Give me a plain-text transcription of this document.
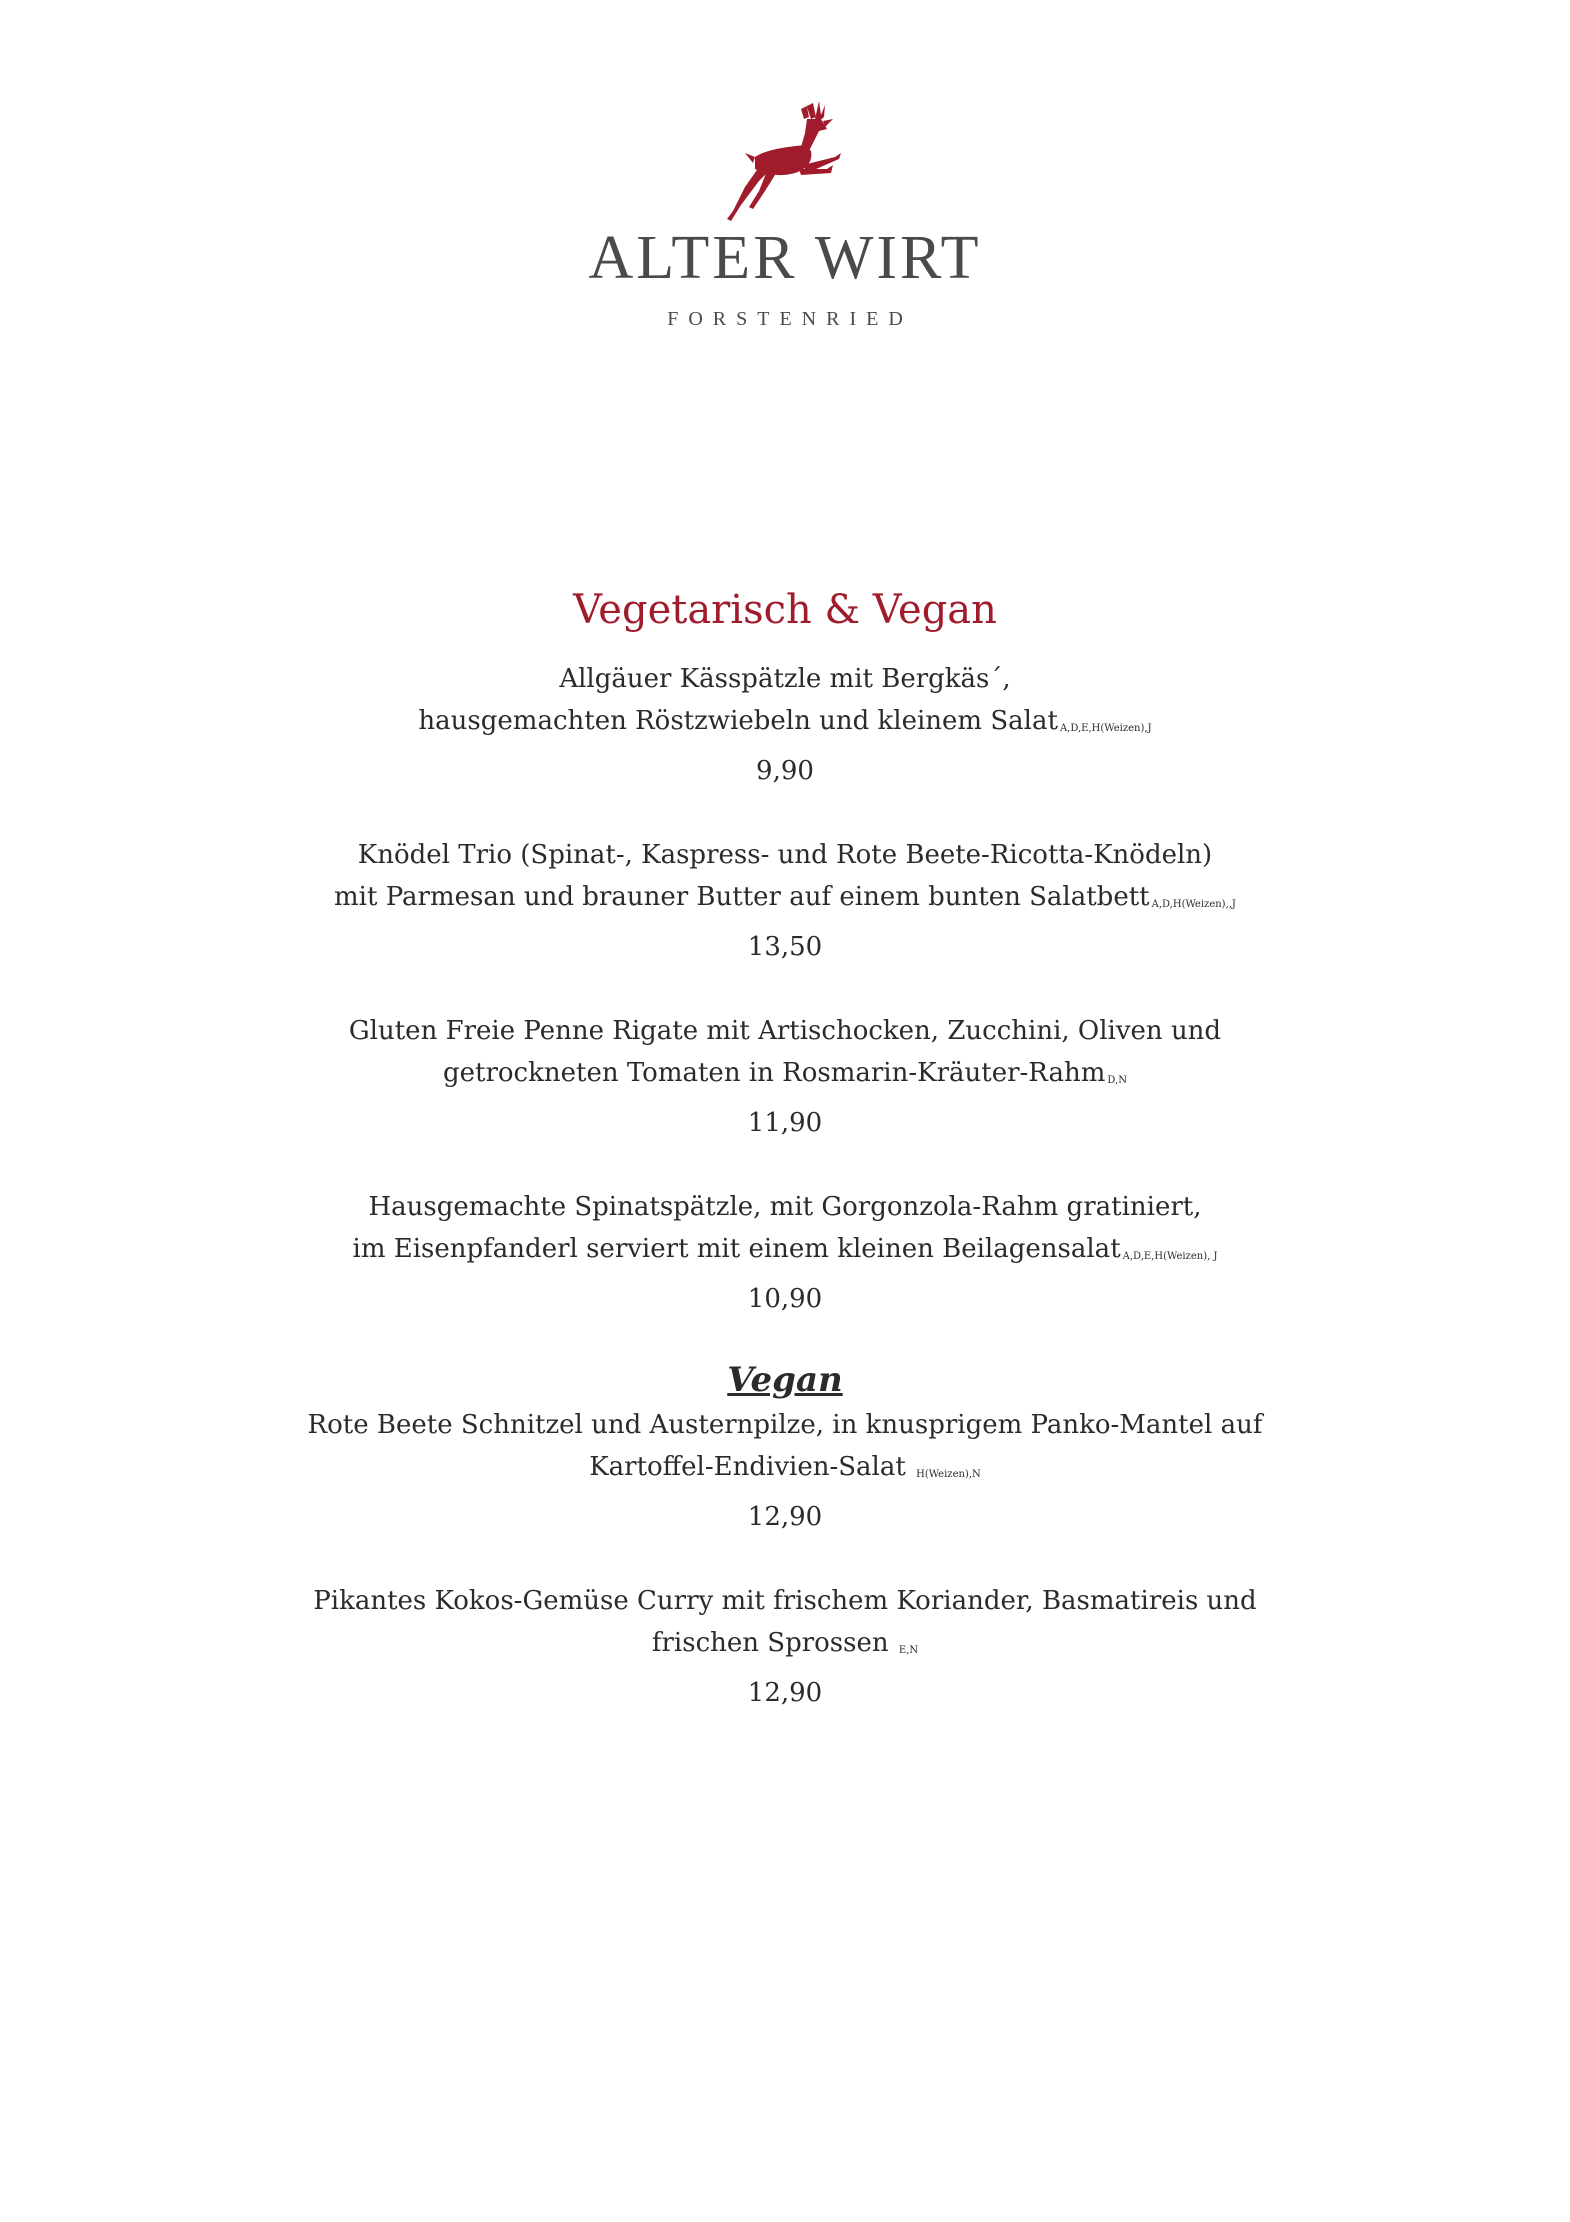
ALTER WIRT
FORSTENRIED
Vegetarisch & Vegan
Allgäuer Kässpätzle mit Bergkäs´,
hausgemachten Röstzwiebeln und kleinem Salat A,D,E,H(Weizen),J
9,90
Knödel Trio (Spinat-, Kaspress- und Rote Beete-Ricotta-Knödeln)
mit Parmesan und brauner Butter auf einem bunten Salatbett A,D,H(Weizen),,J
13,50
Gluten Freie Penne Rigate mit Artischocken, Zucchini, Oliven und
getrockneten Tomaten in Rosmarin-Kräuter-Rahm D,N
11,90
Hausgemachte Spinatspätzle, mit Gorgonzola-Rahm gratiniert,
im Eisenpfanderl serviert mit einem kleinen Beilagensalat A,D,E,H(Weizen), J
10,90
Vegan
Rote Beete Schnitzel und Austernpilze, in knusprigem Panko-Mantel auf
Kartoffel-Endivien-Salat H(Weizen),N
12,90
Pikantes Kokos-Gemüse Curry mit frischem Koriander, Basmatireis und
frischen Sprossen E,N
12,90
